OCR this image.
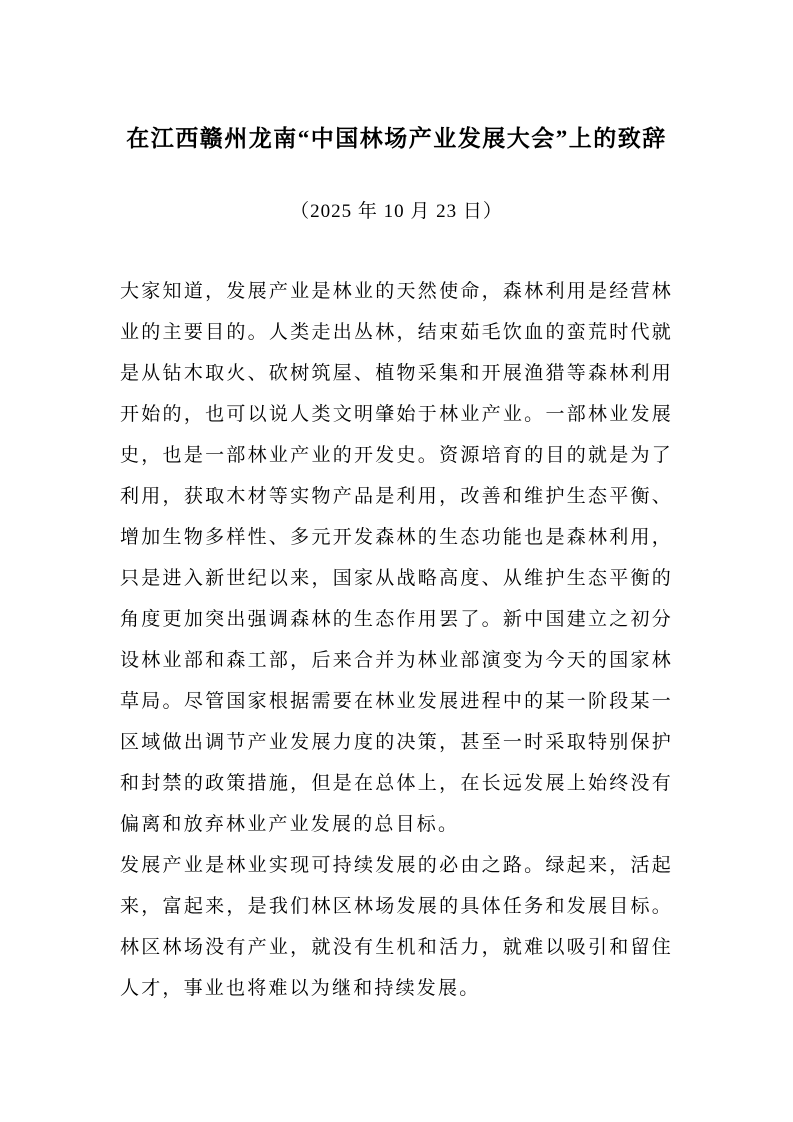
在江西赣州龙南“中国林场产业发展大会”上的致辞
（2025 年 10 月 23 日）

大家知道，发展产业是林业的天然使命，森林利用是经营林业的主要目的。人类走出丛林，结束茹毛饮血的蛮荒时代就是从钻木取火、砍树筑屋、植物采集和开展渔猎等森林利用开始的，也可以说人类文明肇始于林业产业。一部林业发展史，也是一部林业产业的开发史。资源培育的目的就是为了利用，获取木材等实物产品是利用，改善和维护生态平衡、增加生物多样性、多元开发森林的生态功能也是森林利用，只是进入新世纪以来，国家从战略高度、从维护生态平衡的角度更加突出强调森林的生态作用罢了。新中国建立之初分设林业部和森工部，后来合并为林业部演变为今天的国家林草局。尽管国家根据需要在林业发展进程中的某一阶段某一区域做出调节产业发展力度的决策，甚至一时采取特别保护和封禁的政策措施，但是在总体上，在长远发展上始终没有偏离和放弃林业产业发展的总目标。

发展产业是林业实现可持续发展的必由之路。绿起来，活起来，富起来，是我们林区林场发展的具体任务和发展目标。林区林场没有产业，就没有生机和活力，就难以吸引和留住人才，事业也将难以为继和持续发展。
